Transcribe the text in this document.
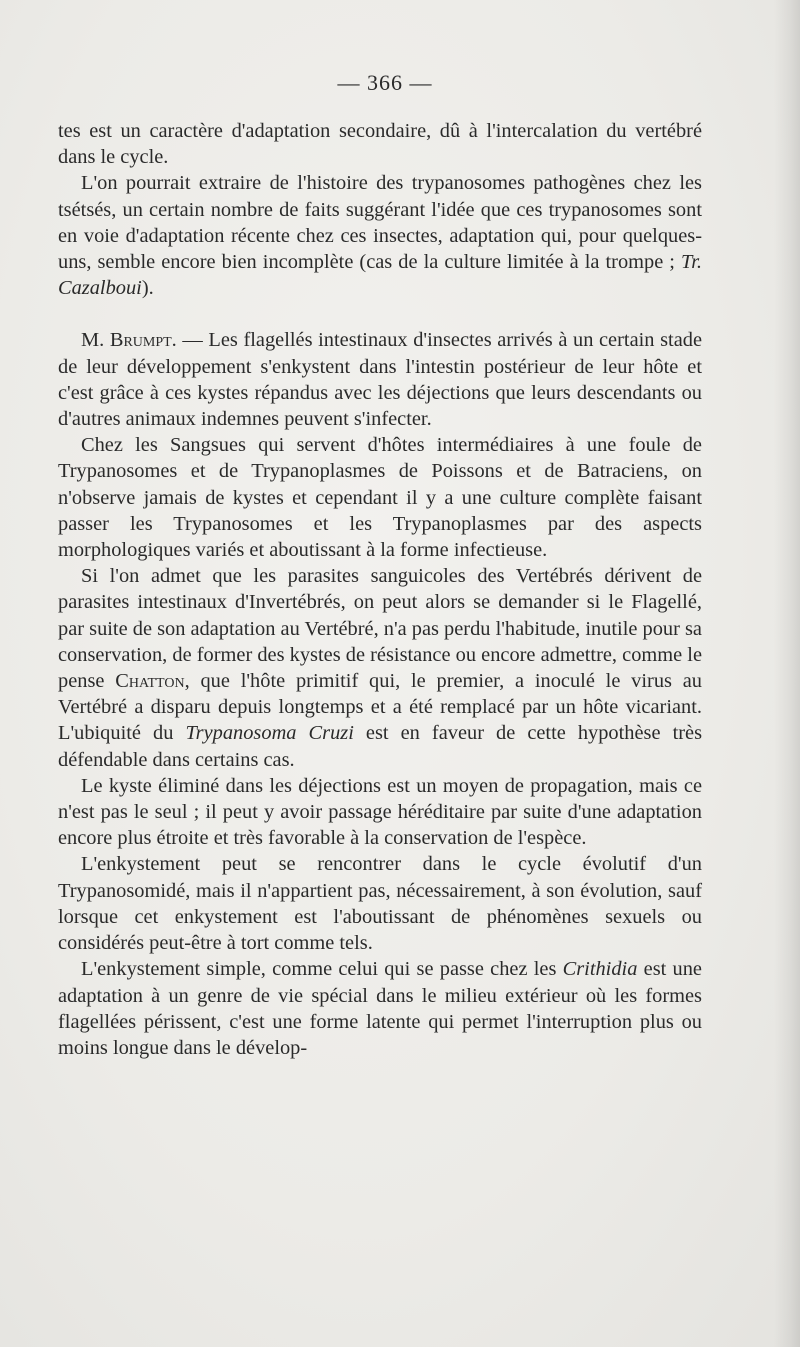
— 366 —

tes est un caractère d'adaptation secondaire, dû à l'intercalation du vertébré dans le cycle.

L'on pourrait extraire de l'histoire des trypanosomes pathogènes chez les tsétsés, un certain nombre de faits suggérant l'idée que ces trypanosomes sont en voie d'adaptation récente chez ces insectes, adaptation qui, pour quelques-uns, semble encore bien incomplète (cas de la culture limitée à la trompe ; Tr. Cazalboui).

M. Brumpt. — Les flagellés intestinaux d'insectes arrivés à un certain stade de leur développement s'enkystent dans l'intestin postérieur de leur hôte et c'est grâce à ces kystes répandus avec les déjections que leurs descendants ou d'autres animaux indemnes peuvent s'infecter.

Chez les Sangsues qui servent d'hôtes intermédiaires à une foule de Trypanosomes et de Trypanoplasmes de Poissons et de Batraciens, on n'observe jamais de kystes et cependant il y a une culture complète faisant passer les Trypanosomes et les Trypanoplasmes par des aspects morphologiques variés et aboutissant à la forme infectieuse.

Si l'on admet que les parasites sanguicoles des Vertébrés dérivent de parasites intestinaux d'Invertébrés, on peut alors se demander si le Flagellé, par suite de son adaptation au Vertébré, n'a pas perdu l'habitude, inutile pour sa conservation, de former des kystes de résistance ou encore admettre, comme le pense Chatton, que l'hôte primitif qui, le premier, a inoculé le virus au Vertébré a disparu depuis longtemps et a été remplacé par un hôte vicariant. L'ubiquité du Trypanosoma Cruzi est en faveur de cette hypothèse très défendable dans certains cas.

Le kyste éliminé dans les déjections est un moyen de propagation, mais ce n'est pas le seul ; il peut y avoir passage héréditaire par suite d'une adaptation encore plus étroite et très favorable à la conservation de l'espèce.

L'enkystement peut se rencontrer dans le cycle évolutif d'un Trypanosomidé, mais il n'appartient pas, nécessairement, à son évolution, sauf lorsque cet enkystement est l'aboutissant de phénomènes sexuels ou considérés peut-être à tort comme tels.

L'enkystement simple, comme celui qui se passe chez les Crithidia est une adaptation à un genre de vie spécial dans le milieu extérieur où les formes flagellées périssent, c'est une forme latente qui permet l'interruption plus ou moins longue dans le dévelop-
